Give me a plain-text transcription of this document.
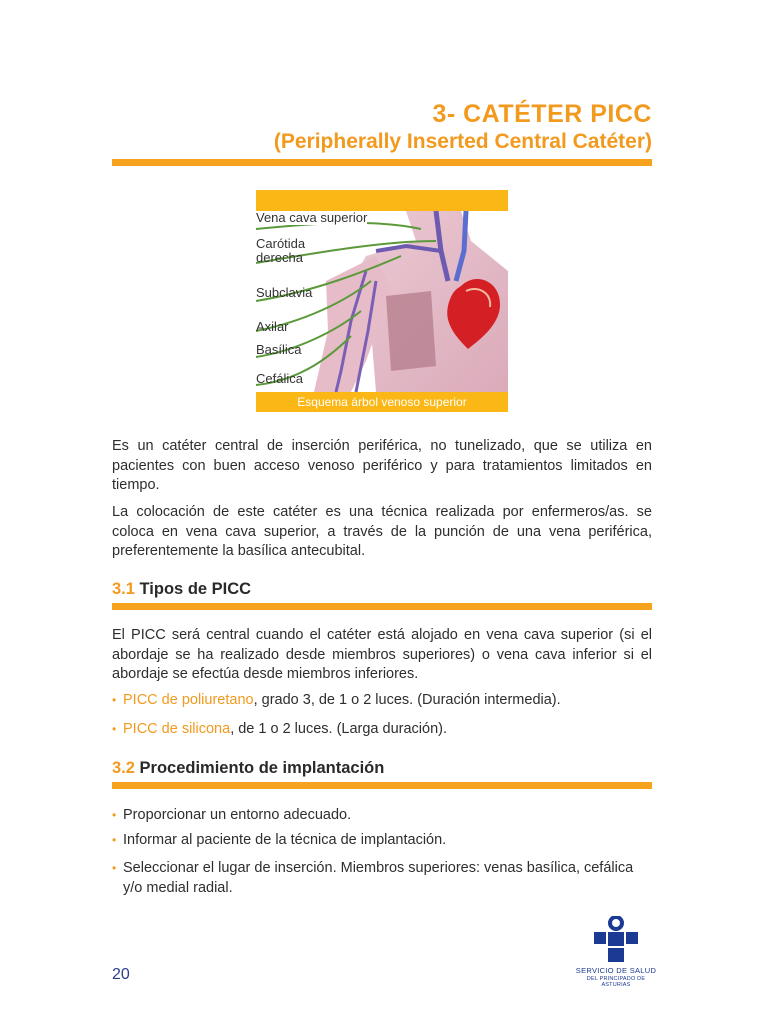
3- CATÉTER PICC
(Peripherally Inserted Central Catéter)
Vena cava superior
Carótida
derecha
Subclavia
Axilar
Basílica
Cefálica
Esquema árbol venoso superior
Es un catéter central de inserción periférica, no tunelizado, que se utiliza en pacientes con buen acceso venoso periférico y para tratamientos limitados en tiempo.
La colocación de este catéter es una técnica realizada por enfermeros/as. se coloca en vena cava superior, a través de la punción de una vena periférica, preferentemente la basílica antecubital.
3.1 Tipos de PICC
El PICC será central cuando el catéter está alojado en vena cava superior (si el abordaje se ha realizado desde miembros superiores) o vena cava inferior si el abordaje se efectúa desde miembros inferiores.
• PICC de poliuretano, grado 3, de 1 o 2 luces. (Duración intermedia).
• PICC de silicona, de 1 o 2 luces. (Larga duración).
3.2 Procedimiento de implantación
• Proporcionar un entorno adecuado.
• Informar al paciente de la técnica de implantación.
• Seleccionar el lugar de inserción. Miembros superiores: venas basílica, cefálica y/o medial radial.
20	SERVICIO DE SALUD
DEL PRINCIPADO DE ASTURIAS
